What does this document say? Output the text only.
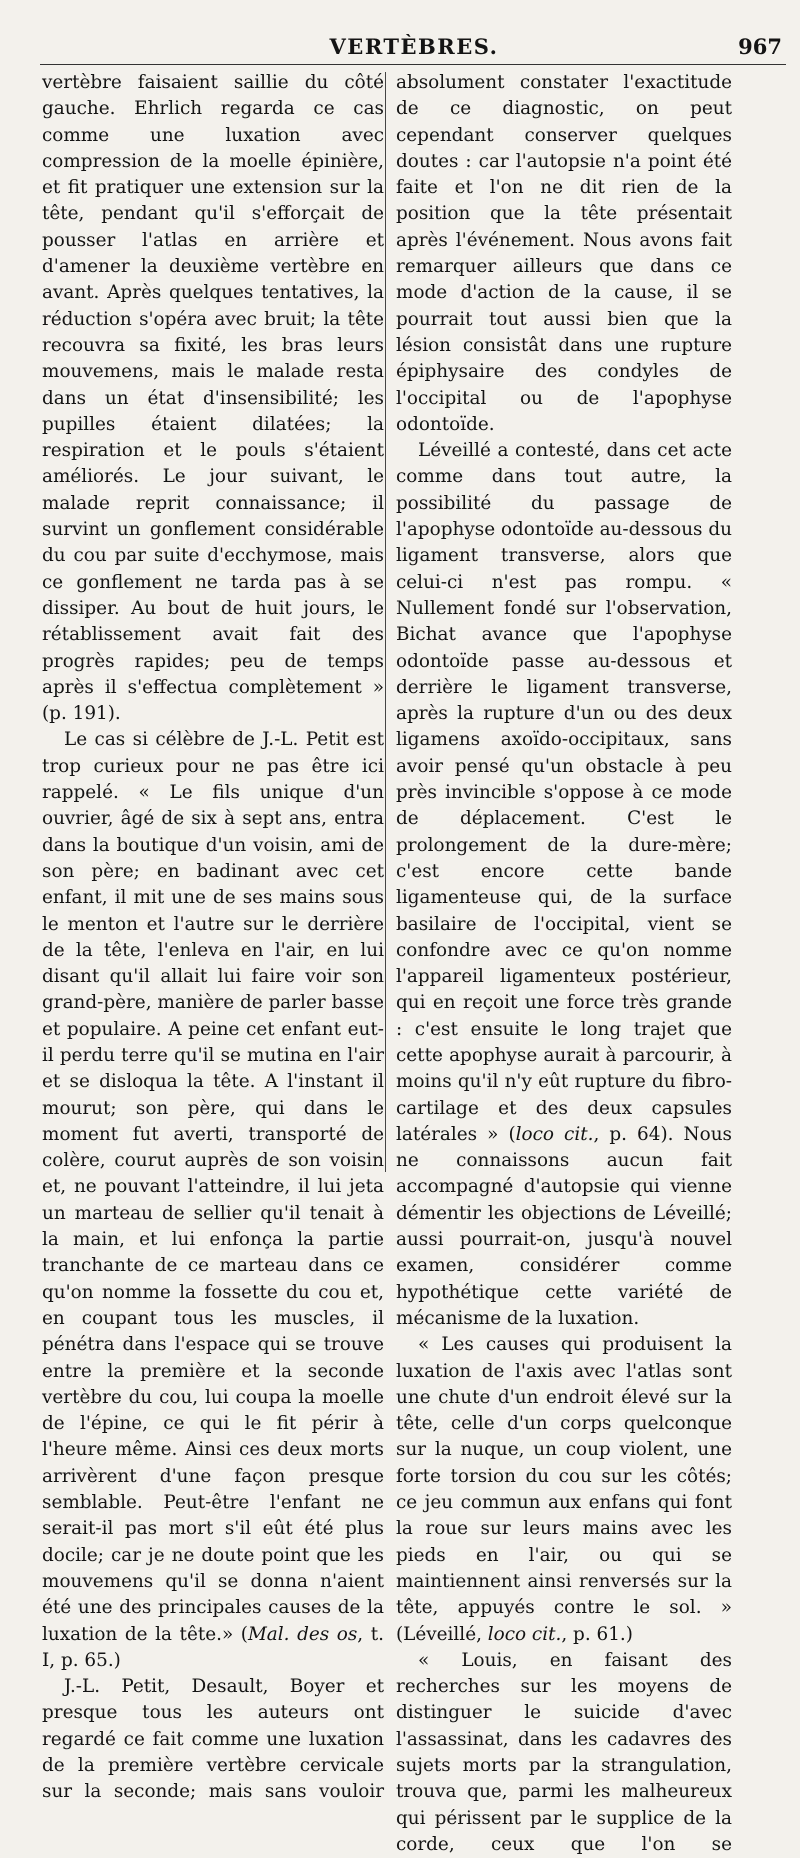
VERTÈBRES.	967

vertèbre faisaient saillie du côté gauche. Ehrlich regarda ce cas comme une luxation avec compression de la moelle épinière, et fit pratiquer une extension sur la tête, pendant qu'il s'efforçait de pousser l'atlas en arrière et d'amener la deuxième vertèbre en avant. Après quelques tentatives, la réduction s'opéra avec bruit; la tête recouvra sa fixité, les bras leurs mouvemens, mais le malade resta dans un état d'insensibilité; les pupilles étaient dilatées; la respiration et le pouls s'étaient améliorés. Le jour suivant, le malade reprit connaissance; il survint un gonflement considérable du cou par suite d'ecchymose, mais ce gonflement ne tarda pas à se dissiper. Au bout de huit jours, le rétablissement avait fait des progrès rapides; peu de temps après il s'effectua complètement » (p. 191).

Le cas si célèbre de J.-L. Petit est trop curieux pour ne pas être ici rappelé. « Le fils unique d'un ouvrier, âgé de six à sept ans, entra dans la boutique d'un voisin, ami de son père; en badinant avec cet enfant, il mit une de ses mains sous le menton et l'autre sur le derrière de la tête, l'enleva en l'air, en lui disant qu'il allait lui faire voir son grand-père, manière de parler basse et populaire. A peine cet enfant eut-il perdu terre qu'il se mutina en l'air et se disloqua la tête. A l'instant il mourut; son père, qui dans le moment fut averti, transporté de colère, courut auprès de son voisin et, ne pouvant l'atteindre, il lui jeta un marteau de sellier qu'il tenait à la main, et lui enfonça la partie tranchante de ce marteau dans ce qu'on nomme la fossette du cou et, en coupant tous les muscles, il pénétra dans l'espace qui se trouve entre la première et la seconde vertèbre du cou, lui coupa la moelle de l'épine, ce qui le fit périr à l'heure même. Ainsi ces deux morts arrivèrent d'une façon presque semblable. Peut-être l'enfant ne serait-il pas mort s'il eût été plus docile; car je ne doute point que les mouvemens qu'il se donna n'aient été une des principales causes de la luxation de la tête.» (Mal. des os, t. I, p. 65.)

J.-L. Petit, Desault, Boyer et presque tous les auteurs ont regardé ce fait comme une luxation de la première vertèbre cervicale sur la seconde; mais sans vouloir

absolument constater l'exactitude de ce diagnostic, on peut cependant conserver quelques doutes : car l'autopsie n'a point été faite et l'on ne dit rien de la position que la tête présentait après l'événement. Nous avons fait remarquer ailleurs que dans ce mode d'action de la cause, il se pourrait tout aussi bien que la lésion consistât dans une rupture épiphysaire des condyles de l'occipital ou de l'apophyse odontoïde.

Léveillé a contesté, dans cet acte comme dans tout autre, la possibilité du passage de l'apophyse odontoïde au-dessous du ligament transverse, alors que celui-ci n'est pas rompu. « Nullement fondé sur l'observation, Bichat avance que l'apophyse odontoïde passe au-dessous et derrière le ligament transverse, après la rupture d'un ou des deux ligamens axoïdo-occipitaux, sans avoir pensé qu'un obstacle à peu près invincible s'oppose à ce mode de déplacement. C'est le prolongement de la dure-mère; c'est encore cette bande ligamenteuse qui, de la surface basilaire de l'occipital, vient se confondre avec ce qu'on nomme l'appareil ligamenteux postérieur, qui en reçoit une force très grande : c'est ensuite le long trajet que cette apophyse aurait à parcourir, à moins qu'il n'y eût rupture du fibro-cartilage et des deux capsules latérales » (loco cit., p. 64). Nous ne connaissons aucun fait accompagné d'autopsie qui vienne démentir les objections de Léveillé; aussi pourrait-on, jusqu'à nouvel examen, considérer comme hypothétique cette variété de mécanisme de la luxation.

« Les causes qui produisent la luxation de l'axis avec l'atlas sont une chute d'un endroit élevé sur la tête, celle d'un corps quelconque sur la nuque, un coup violent, une forte torsion du cou sur les côtés; ce jeu commun aux enfans qui font la roue sur leurs mains avec les pieds en l'air, ou qui se maintiennent ainsi renversés sur la tête, appuyés contre le sol. » (Léveillé, loco cit., p. 61.)

« Louis, en faisant des recherches sur les moyens de distinguer le suicide d'avec l'assassinat, dans les cadavres des sujets morts par la strangulation, trouva que, parmi les malheureux qui périssent par le supplice de la corde, ceux que l'on se
